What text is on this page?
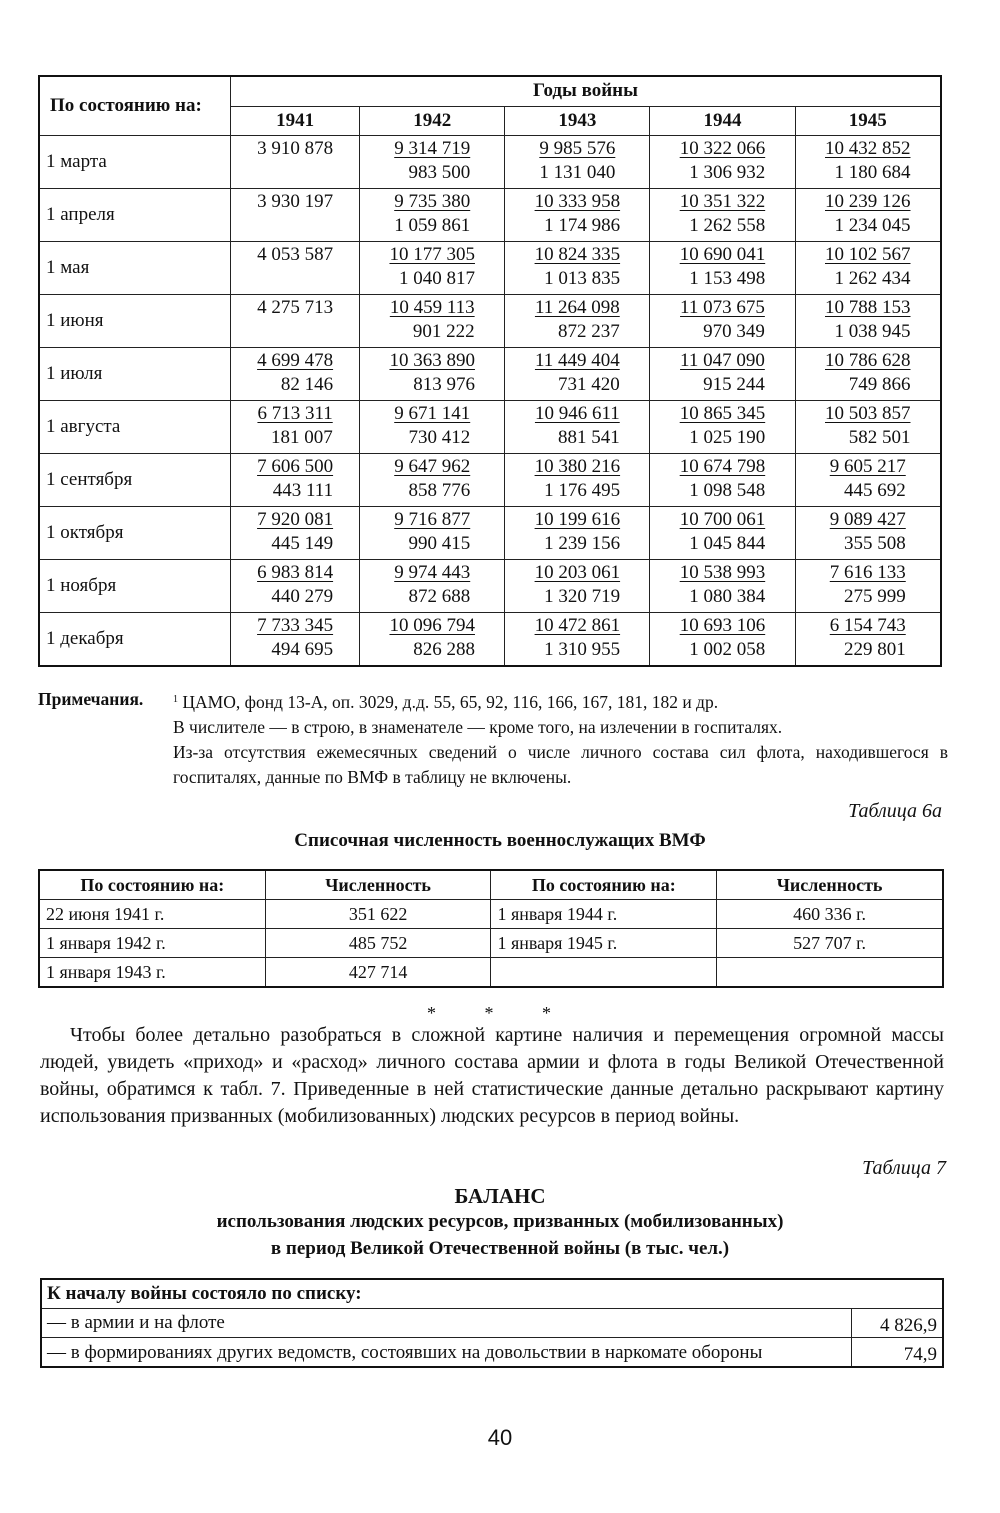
По состоянию на:	Годы войны				
	1941	1942	1943	1944	1945
1 марта	3 910 878	$\frac{9 314 719}{983 500}$	$\frac{9 985 576}{1 131 040}$	$\frac{10 322 066}{1 306 932}$	$\frac{10 432 852}{1 180 684}$

1 апреля	3 930 197	$\frac{9 735 380}{1 059 861}$	$\frac{10 333 958}{1 174 986}$	$\frac{10 351 322}{1 262 558}$	$\frac{10 239 126}{1 234 045}$

1 мая	4 053 587	$\frac{10 177 305}{1 040 817}$	$\frac{10 824 335}{1 013 835}$	$\frac{10 690 041}{1 153 498}$	$\frac{10 102 567}{1 262 434}$

1 июня	4 275 713	$\frac{10 459 113}{901 222}$	$\frac{11 264 098}{872 237}$	$\frac{11 073 675}{970 349}$	$\frac{10 788 153}{1 038 945}$

1 июля	$\frac{4 699 478}{82 146}$	$\frac{10 363 890}{813 976}$	$\frac{11 449 404}{731 420}$	$\frac{11 047 090}{915 244}$	$\frac{10 786 628}{749 866}$

1 августа	$\frac{6 713 311}{181 007}$	$\frac{9 671 141}{730 412}$	$\frac{10 946 611}{881 541}$	$\frac{10 865 345}{1 025 190}$	$\frac{10 503 857}{582 501}$

1 сентября	$\frac{7 606 500}{443 111}$	$\frac{9 647 962}{858 776}$	$\frac{10 380 216}{1 176 495}$	$\frac{10 674 798}{1 098 548}$	$\frac{9 605 217}{445 692}$

1 октября	$\frac{7 920 081}{445 149}$	$\frac{9 716 877}{990 415}$	$\frac{10 199 616}{1 239 156}$	$\frac{10 700 061}{1 045 844}$	$\frac{9 089 427}{355 508}$

1 ноября	$\frac{6 983 814}{440 279}$	$\frac{9 974 443}{872 688}$	$\frac{10 203 061}{1 320 719}$	$\frac{10 538 993}{1 080 384}$	$\frac{7 616 133}{275 999}$

1 декабря	$\frac{7 733 345}{494 695}$	$\frac{10 096 794}{826 288}$	$\frac{10 472 861}{1 310 955}$	$\frac{10 693 106}{1 002 058}$	$\frac{6 154 743}{229 801}$
Примечания.	$^1$ ЦАМО, фонд 13-А, оп. 3029, д.д. 55, 65, 92, 116, 166, 167, 181, 182 и др.
В числителе — в строю, в знаменателе — кроме того, на излечении в госпиталях.
Из-за отсутствия ежемесячных сведений о числе личного состава сил флота, находившегося в госпиталях, данные по ВМФ в таблицу не включены.
Таблица 6а
Списочная численность военнослужащих ВМФ
По состоянию на:	Численность	По состоянию на:	Численность
22 июня 1941 г.	351 622	1 января 1944 г.	460 336 г.
1 января 1942 г.	485 752	1 января 1945 г.	527 707 г.
1 января 1943 г.	427 714		
* * *
Чтобы более детально разобраться в сложной картине наличия и перемещения огромной массы людей, увидеть «приход» и «расход» личного состава армии и флота в годы Великой Отечественной войны, обратимся к табл. 7. Приведенные в ней статистические данные детально раскрывают картину использования призванных (мобилизованных) людских ресурсов в период войны.
Таблица 7
БАЛАНС
использования людских ресурсов, призванных (мобилизованных)
в период Великой Отечественной войны (в тыс. чел.)
К началу войны состояло по списку:	
— в армии и на флоте	4 826,9
— в формированиях других ведомств, состоявших на довольствии в наркомате обороны	74,9
40
